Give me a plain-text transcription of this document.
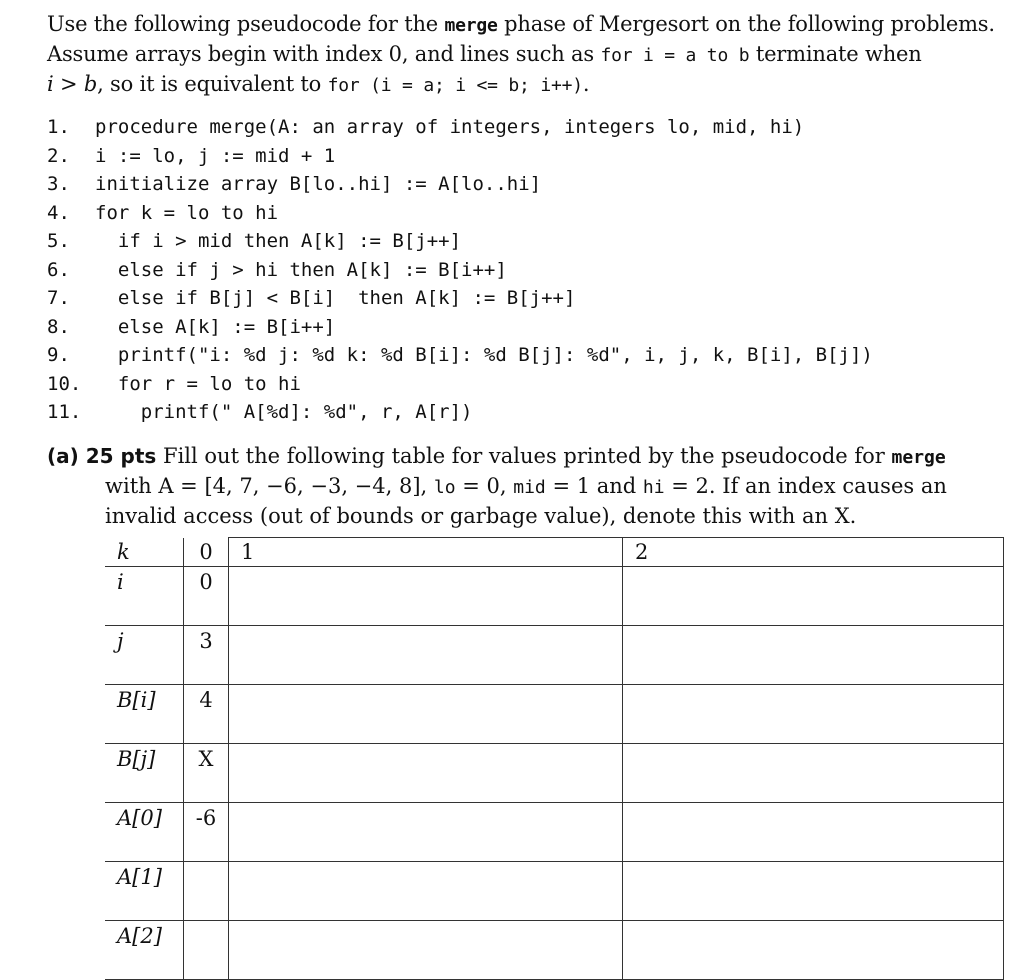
Use the following pseudocode for the merge phase of Mergesort on the following problems.
Assume arrays begin with index 0, and lines such as for i = a to b terminate when
i > b, so it is equivalent to for (i = a; i <= b; i++).
1.	procedure merge(A: an array of integers, integers lo, mid, hi)
2.	i := lo, j := mid + 1
3.	initialize array B[lo..hi] := A[lo..hi]
4.	for k = lo to hi
5.	if i > mid then A[k] := B[j++]
6.	else if j > hi then A[k] := B[i++]
7.	else if B[j] < B[i]  then A[k] := B[j++]
8.	else A[k] := B[i++]
9.	printf("i: %d j: %d k: %d B[i]: %d B[j]: %d", i, j, k, B[i], B[j])
10. for r = lo to hi
11. printf(" A[%d]: %d", r, A[r])
(a) 25 pts Fill out the following table for values printed by the pseudocode for merge
with A = [4, 7, −6, −3, −4, 8], lo = 0, mid = 1 and hi = 2. If an index causes an
invalid access (out of bounds or garbage value), denote this with an X.
k	0	1	2
i	0		
j	3		
B[i]	4		
B[j]	X		
A[0]	-6		
A[1]			
A[2]			
